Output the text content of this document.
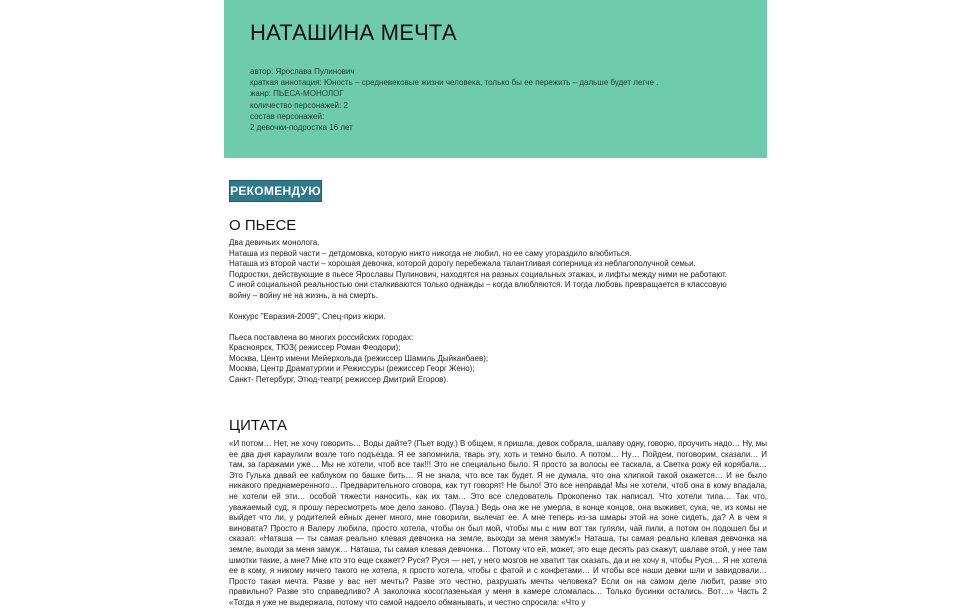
НАТАШИНА МЕЧТА
автор: Ярослава Пулинович
краткая аннотация: Юность – средневековые жизни человека, только бы ее пережить – дальше будет легче .
жанр: ПЬЕСА-МОНОЛОГ
количество персонажей: 2
состав персонажей:
2 девочки-подростка 16 лет
РЕКОМЕНДУЮ
О ПЬЕСЕ
Два девичьих монолога.
Наташа из первой части – детдомовка, которую никто никогда не любил, но ее саму угораздило влюбиться.
Наташа из второй части – хорошая девочка, которой дорогу перебежала талантливая соперница из неблагополучной семьи.
Подростки, действующие в пьесе Ярославы Пулинович, находятся на разных социальных этажах, и лифты между ними не работают.
С иной социальной реальностью они сталкиваются только однажды – когда влюбляются. И тогда любовь превращается в классовую
войну – войну не на жизнь, а на смерть.
Конкурс "Евразия-2009", Спец-приз жюри.
Пьеса поставлена во многих российских городах:
Красноярск, ТЮЗ( режиссер Роман Феодори);
Москва, Центр имени Мейерхольда (режиссер Шамиль Дыйканбаев);
Москва, Центр Драматургии и Режиссуры (режиссер Георг Жено);
Санкт- Петербург, Этюд-театр( режиссер Дмитрий Егоров).
ЦИТАТА
«И потом… Нет, не хочу говорить… Воды дайте? (Пьет воду.) В общем, я пришла, девок собрала, шалаву одну, говорю, проучить надо… Ну, мы ее два дня караулили возле того подъезда. Я ее запомнила, тварь эту, хоть и темно было. А потом… Ну… Пойдем, поговорим, сказали… И там, за гаражами уже… Мы не хотели, чтоб все так!!! Это не специально было. Я просто за волосы ее таскала, а Светка рожу ей корябала… Это Гулька давай ее каблуком по башке бить… Я не знала, что все так будет. Я не думала, что она хлипкой такой окажется… И не было никакого преднамеренного… Предварительного сговора, как тут говорят! Не было! Это все неправда! Мы не хотели, чтоб она в кому впадала, не хотели ей эти… особой тяжести наносить, как их там… Это все следователь Прокопенко так написал. Что хотели типа… Так что, уважаемый суд, я прошу пересмотреть мое дело заново. (Пауза.) Ведь она же не умерла, в конце концов, она выживет, сука, че, из комы не выйдет что ли, у родителей ейных денег много, мне говорили, вылечат ее. А мне теперь из-за шмары этой на зоне сидеть, да? А в чем я виновата? Просто я Валеру любила, просто хотела, чтобы он был мой, чтобы мы с ним вот так гуляли, чай пили, а потом он подошел бы и сказал: «Наташа — ты самая реально клевая девчонка на земле, выходи за меня замуж!» Наташа, ты самая реально клевая девчонка на земле, выходи за меня замуж… Наташа, ты самая клевая девчонка… Потому что ей, может, это еще десять раз скажут, шалаве этой, у нее там шмотки такие, а мне? Мне кто это еще скажет? Руся? Руся — нет, у него мозгов не хватит так сказать, да и не хочу я, чтобы Руся… Я не хотела ее в кому, я никому ничего такого не хотела, я просто хотела, чтобы с фатой и с конфетами… И чтобы все наши девки шли и завидовали… Просто такая мечта. Разве у вас нет мечты? Разве это честно, разрушать мечты человека? Если он на самом деле любит, разве это правильно? Разве это справедливо? А заколочка косоглазенькая у меня в камере сломалась… Только бусинки остались. Вот…» Часть 2 «Тогда я уже не выдержала, потому что самой надоело обманывать, и честно спросила: «Что у
